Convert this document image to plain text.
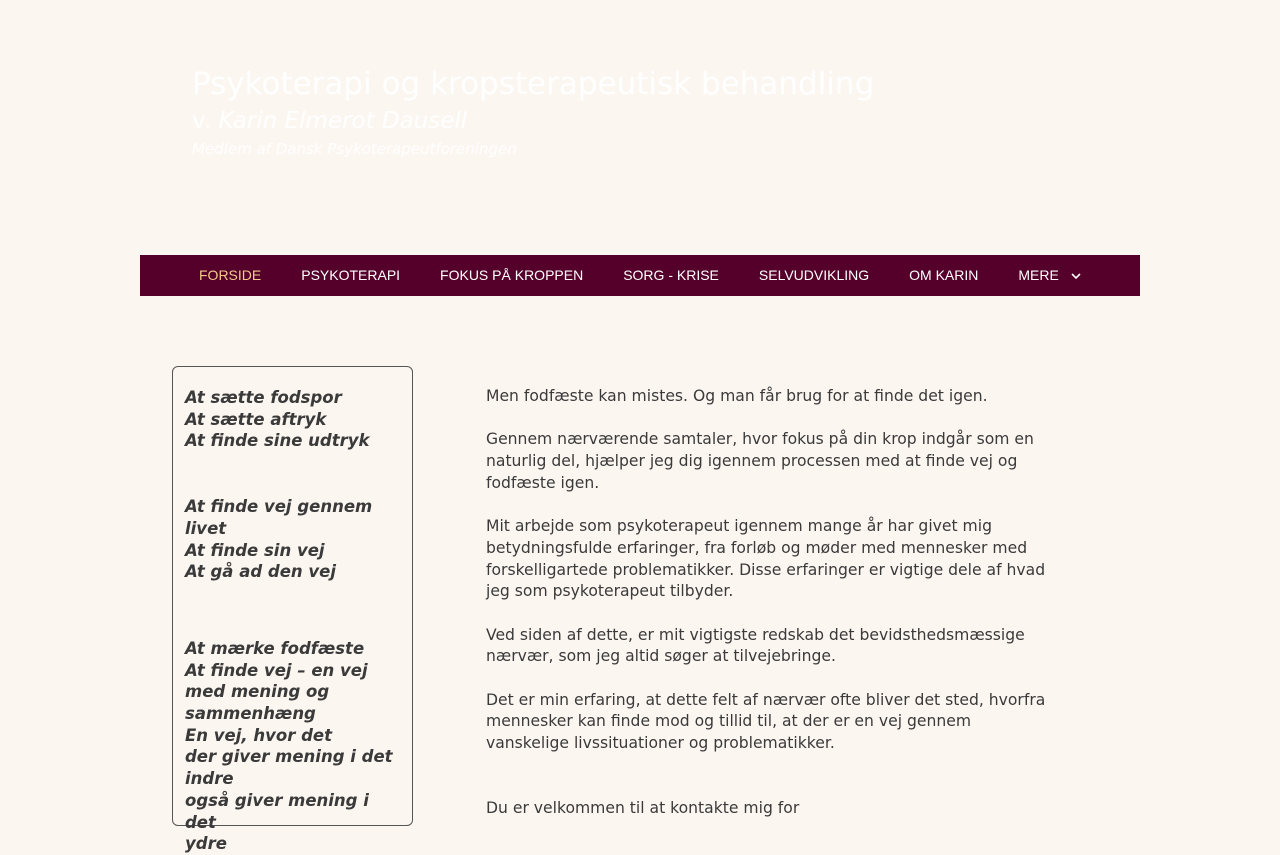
Psykoterapi og kropsterapeutisk behandling
v. Karin Elmerot Dausell
Medlem af Dansk Psykoterapeutforeningen
FORSIDE	PSYKOTERAPI	FOKUS PÅ KROPPEN	SORG - KRISE	SELVUDVIKLING	OM KARIN	MERE
At sætte fodspor
At sætte aftryk
At finde sine udtryk
At finde vej gennem livet
At finde sin vej
At gå ad den vej
At mærke fodfæste
At finde vej – en vej
med mening og
sammenhæng
En vej, hvor det
der giver mening i det
indre
også giver mening i det
ydre

Men fodfæste kan mistes. Og man får brug for at finde det igen.

Gennem nærværende samtaler, hvor fokus på din krop indgår som en naturlig del, hjælper jeg dig igennem processen med at finde vej og fodfæste igen.

Mit arbejde som psykoterapeut igennem mange år har givet mig betydningsfulde erfaringer, fra forløb og møder med mennesker med forskelligartede problematikker. Disse erfaringer er vigtige dele af hvad jeg som psykoterapeut tilbyder.

Ved siden af dette, er mit vigtigste redskab det bevidsthedsmæssige nærvær, som jeg altid søger at tilvejebringe.

Det er min erfaring, at dette felt af nærvær ofte bliver det sted, hvorfra mennesker kan finde mod og tillid til, at der er en vej gennem vanskelige livssituationer og problematikker.

Du er velkommen til at kontakte mig for
